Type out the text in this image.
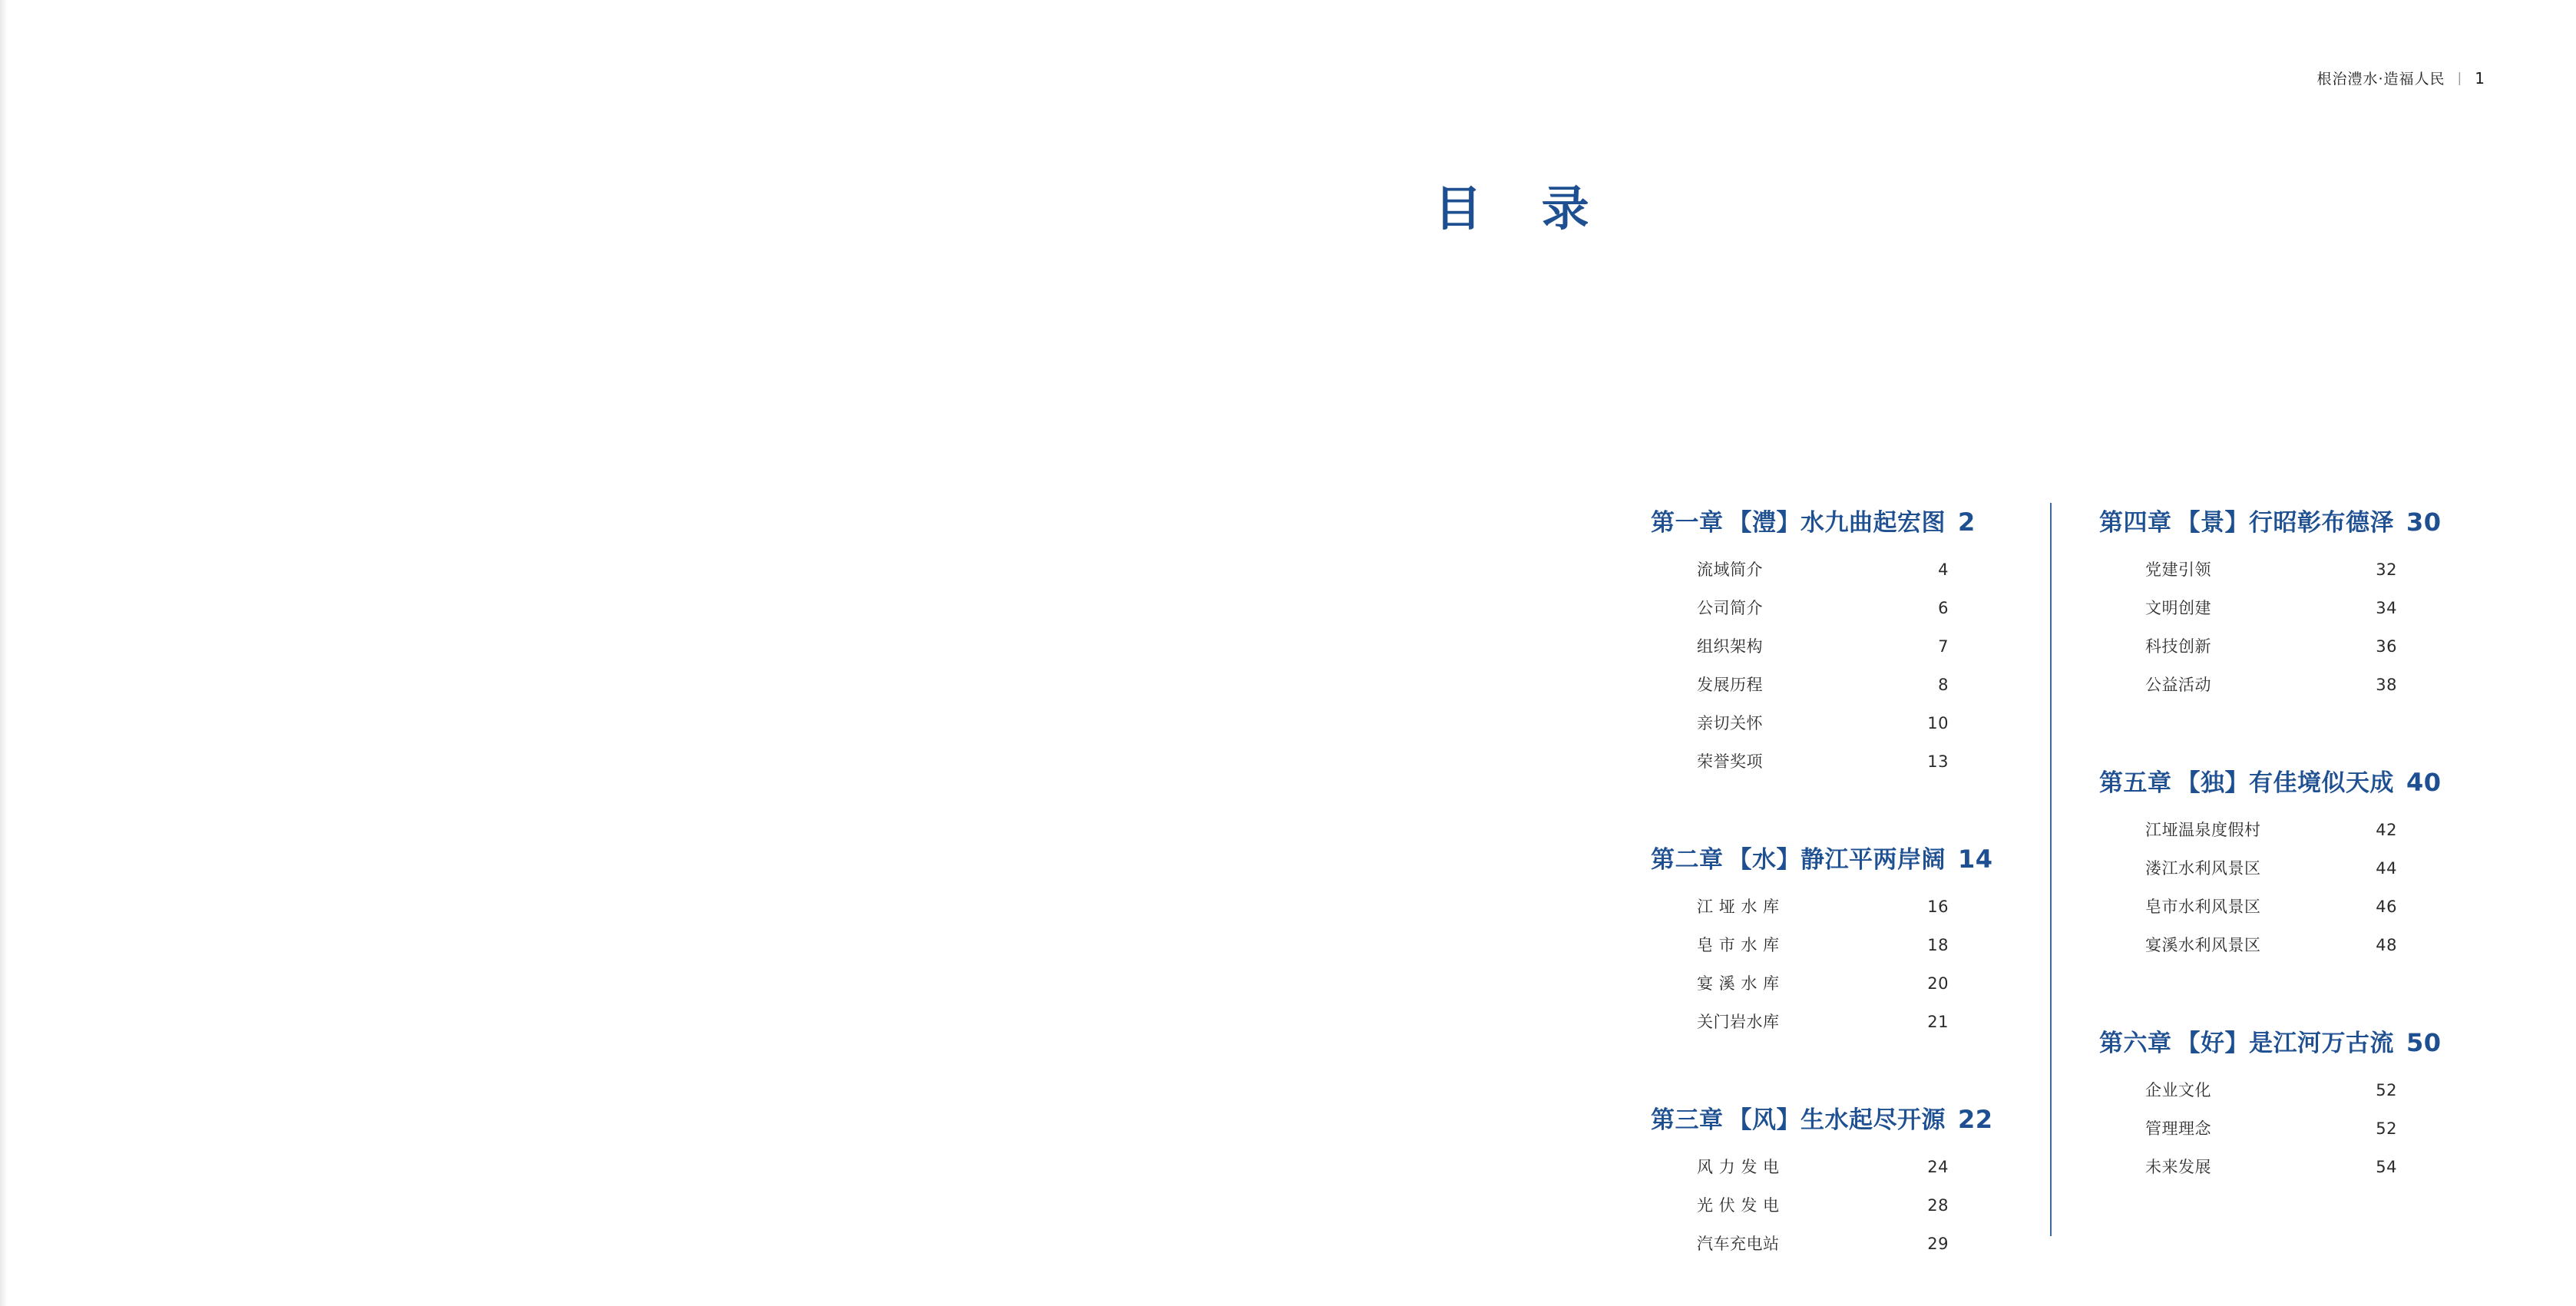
根治澧水·造福人民 | 1
目 录
第一章 【澧】水九曲起宏图 2
流域简介	4
公司简介	6
组织架构	7
发展历程	8
亲切关怀	10
荣誉奖项	13
第二章 【水】静江平两岸阔 14
江 垭 水 库	16
皂 市 水 库	18
宴 溪 水 库	20
关门岩水库	21
第三章 【风】生水起尽开源 22
风 力 发 电	24
光 伏 发 电	28
汽车充电站	29
第四章 【景】行昭彰布德泽 30
党建引领	32
文明创建	34
科技创新	36
公益活动	38
第五章 【独】有佳境似天成 40
江垭温泉度假村	42
溇江水利风景区	44
皂市水利风景区	46
宴溪水利风景区	48
第六章 【好】是江河万古流 50
企业文化	52
管理理念	52
未来发展	54
